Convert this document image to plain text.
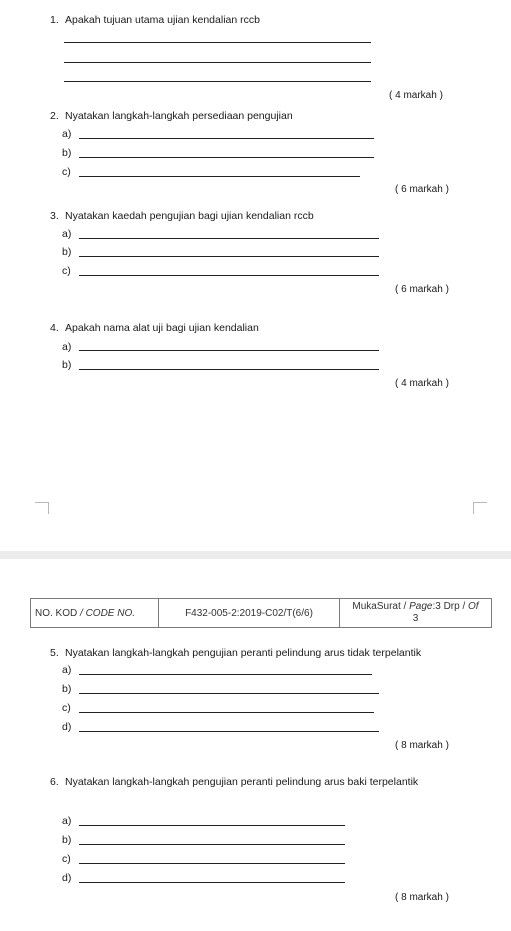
1. Apakah tujuan utama ujian kendalian rccb
( 4 markah )
2. Nyatakan langkah-langkah persediaan pengujian
a)
b)
c)
( 6 markah )
3. Nyatakan kaedah pengujian bagi ujian kendalian rccb
a)
b)
c)
( 6 markah )
4. Apakah nama alat uji bagi ujian kendalian
a)
b)
( 4 markah )
NO. KOD
/ CODE NO.	F432-005-2:2019-C02/T(6/6)
MukaSurat / Page:3 Drp / Of
3
5. Nyatakan langkah-langkah pengujian peranti pelindung arus tidak terpelantik
a)
b)
c)
d)
( 8 markah )
6. Nyatakan langkah-langkah pengujian peranti pelindung arus baki terpelantik
a)
b)
c)
d)
( 8 markah )
